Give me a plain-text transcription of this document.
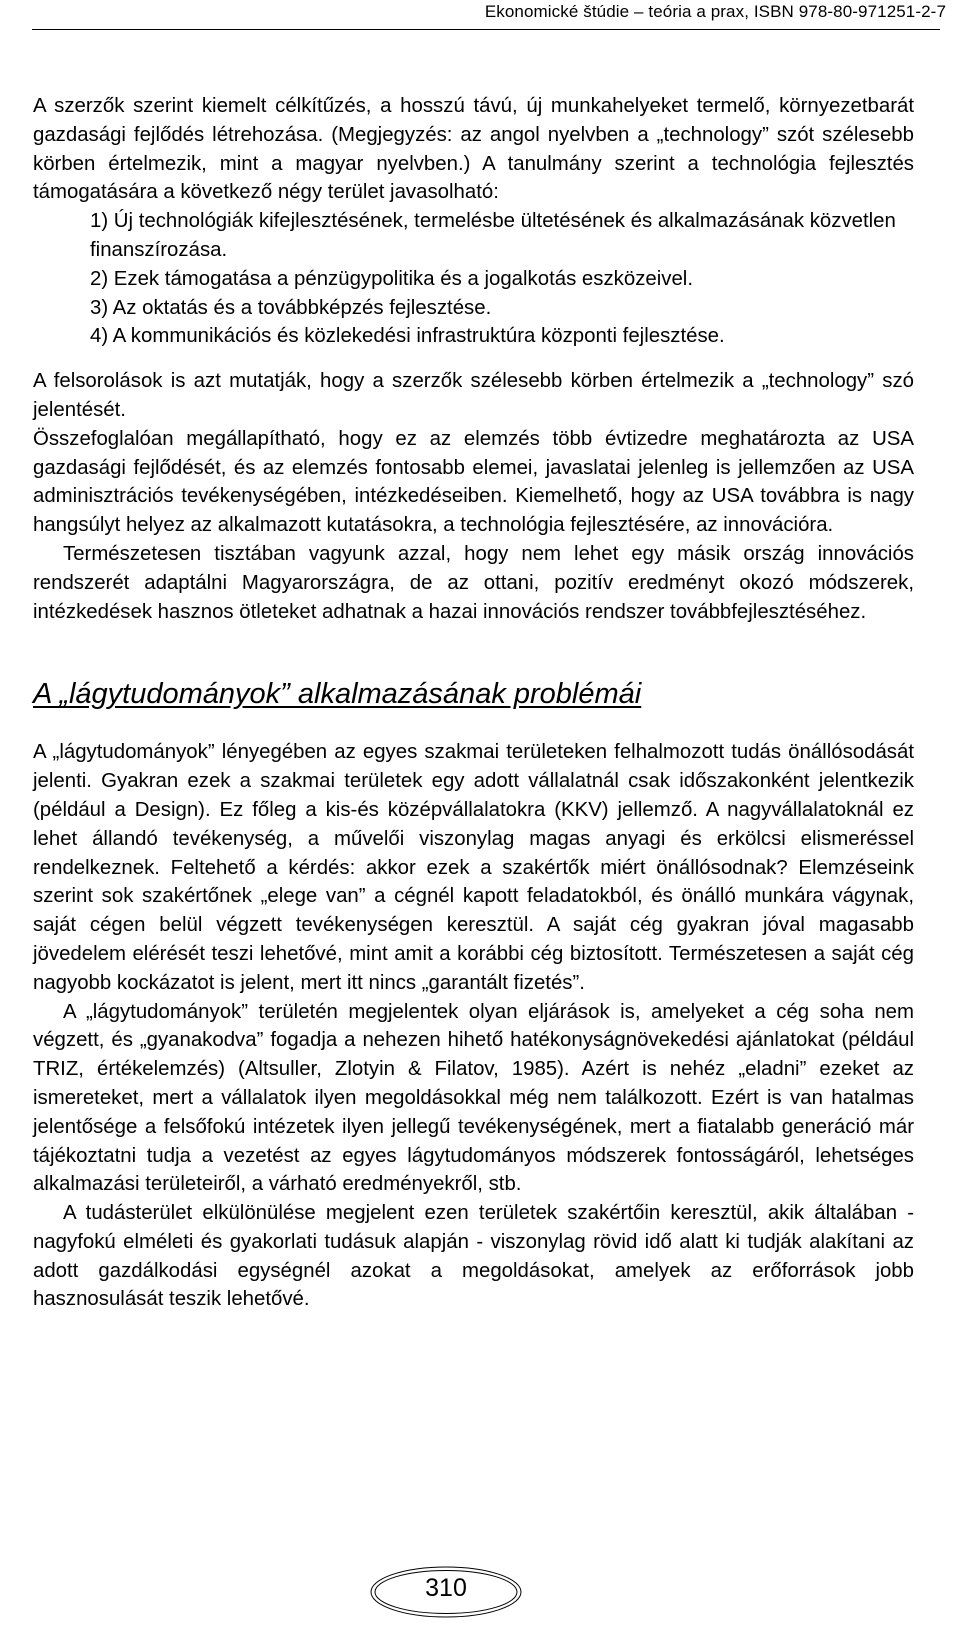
Ekonomické štúdie – teória a prax, ISBN 978-80-971251-2-7

A szerzők szerint kiemelt célkítűzés, a hosszú távú, új munkahelyeket termelő, környezetbarát gazdasági fejlődés létrehozása. (Megjegyzés: az angol nyelvben a „technology” szót szélesebb körben értelmezik, mint a magyar nyelvben.) A tanulmány szerint a technológia fejlesztés támogatására a következő négy terület javasolható:

1) Új technológiák kifejlesztésének, termelésbe ültetésének és alkalmazásának közvetlen finanszírozása.
2) Ezek támogatása a pénzügypolitika és a jogalkotás eszközeivel.
3) Az oktatás és a továbbképzés fejlesztése.
4) A kommunikációs és közlekedési infrastruktúra központi fejlesztése.

A felsorolások is azt mutatják, hogy a szerzők szélesebb körben értelmezik a „technology” szó jelentését.

Összefoglalóan megállapítható, hogy ez az elemzés több évtizedre meghatározta az USA gazdasági fejlődését, és az elemzés fontosabb elemei, javaslatai jelenleg is jellemzően az USA adminisztrációs tevékenységében, intézkedéseiben. Kiemelhető, hogy az USA továbbra is nagy hangsúlyt helyez az alkalmazott kutatásokra, a technológia fejlesztésére, az innovációra.

Természetesen tisztában vagyunk azzal, hogy nem lehet egy másik ország innovációs rendszerét adaptálni Magyarországra, de az ottani, pozitív eredményt okozó módszerek, intézkedések hasznos ötleteket adhatnak a hazai innovációs rendszer továbbfejlesztéséhez.

A „lágytudományok” alkalmazásának problémái

A „lágytudományok” lényegében az egyes szakmai területeken felhalmozott tudás önállósodását jelenti. Gyakran ezek a szakmai területek egy adott vállalatnál csak időszakonként jelentkezik (például a Design). Ez főleg a kis-és középvállalatokra (KKV) jellemző. A nagyvállalatoknál ez lehet állandó tevékenység, a művelői viszonylag magas anyagi és erkölcsi elismeréssel rendelkeznek. Feltehető a kérdés: akkor ezek a szakértők miért önállósodnak? Elemzéseink szerint sok szakértőnek „elege van” a cégnél kapott feladatokból, és önálló munkára vágynak, saját cégen belül végzett tevékenységen keresztül. A saját cég gyakran jóval magasabb jövedelem elérését teszi lehetővé, mint amit a korábbi cég biztosított. Természetesen a saját cég nagyobb kockázatot is jelent, mert itt nincs „garantált fizetés”.

A „lágytudományok” területén megjelentek olyan eljárások is, amelyeket a cég soha nem végzett, és „gyanakodva” fogadja a nehezen hihető hatékonyságnövekedési ajánlatokat (például TRIZ, értékelemzés) (Altsuller, Zlotyin & Filatov, 1985). Azért is nehéz „eladni” ezeket az ismereteket, mert a vállalatok ilyen megoldásokkal még nem találkozott. Ezért is van hatalmas jelentősége a felsőfokú intézetek ilyen jellegű tevékenységének, mert a fiatalabb generáció már tájékoztatni tudja a vezetést az egyes lágytudományos módszerek fontosságáról, lehetséges alkalmazási területeiről, a várható eredményekről, stb.

A tudásterület elkülönülése megjelent ezen területek szakértőin keresztül, akik általában - nagyfokú elméleti és gyakorlati tudásuk alapján - viszonylag rövid idő alatt ki tudják alakítani az adott gazdálkodási egységnél azokat a megoldásokat, amelyek az erőforrások jobb hasznosulását teszik lehetővé.

310
